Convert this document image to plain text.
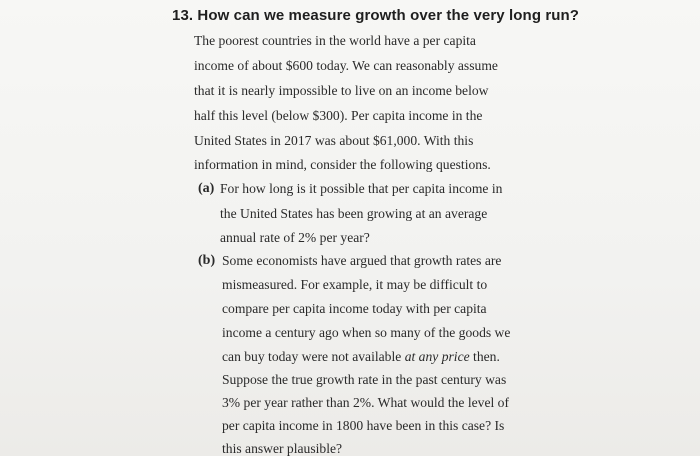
13. How can we measure growth over the very long run?
The poorest countries in the world have a per capita
income of about $600 today. We can reasonably assume
that it is nearly impossible to live on an income below
half this level (below $300). Per capita income in the
United States in 2017 was about $61,000. With this
information in mind, consider the following questions.
(a) For how long is it possible that per capita income in
the United States has been growing at an average
annual rate of 2% per year?
(b) Some economists have argued that growth rates are
mismeasured. For example, it may be difficult to
compare per capita income today with per capita
income a century ago when so many of the goods we
can buy today were not available at any price then.
Suppose the true growth rate in the past century was
3% per year rather than 2%. What would the level of
per capita income in 1800 have been in this case? Is
this answer plausible?
